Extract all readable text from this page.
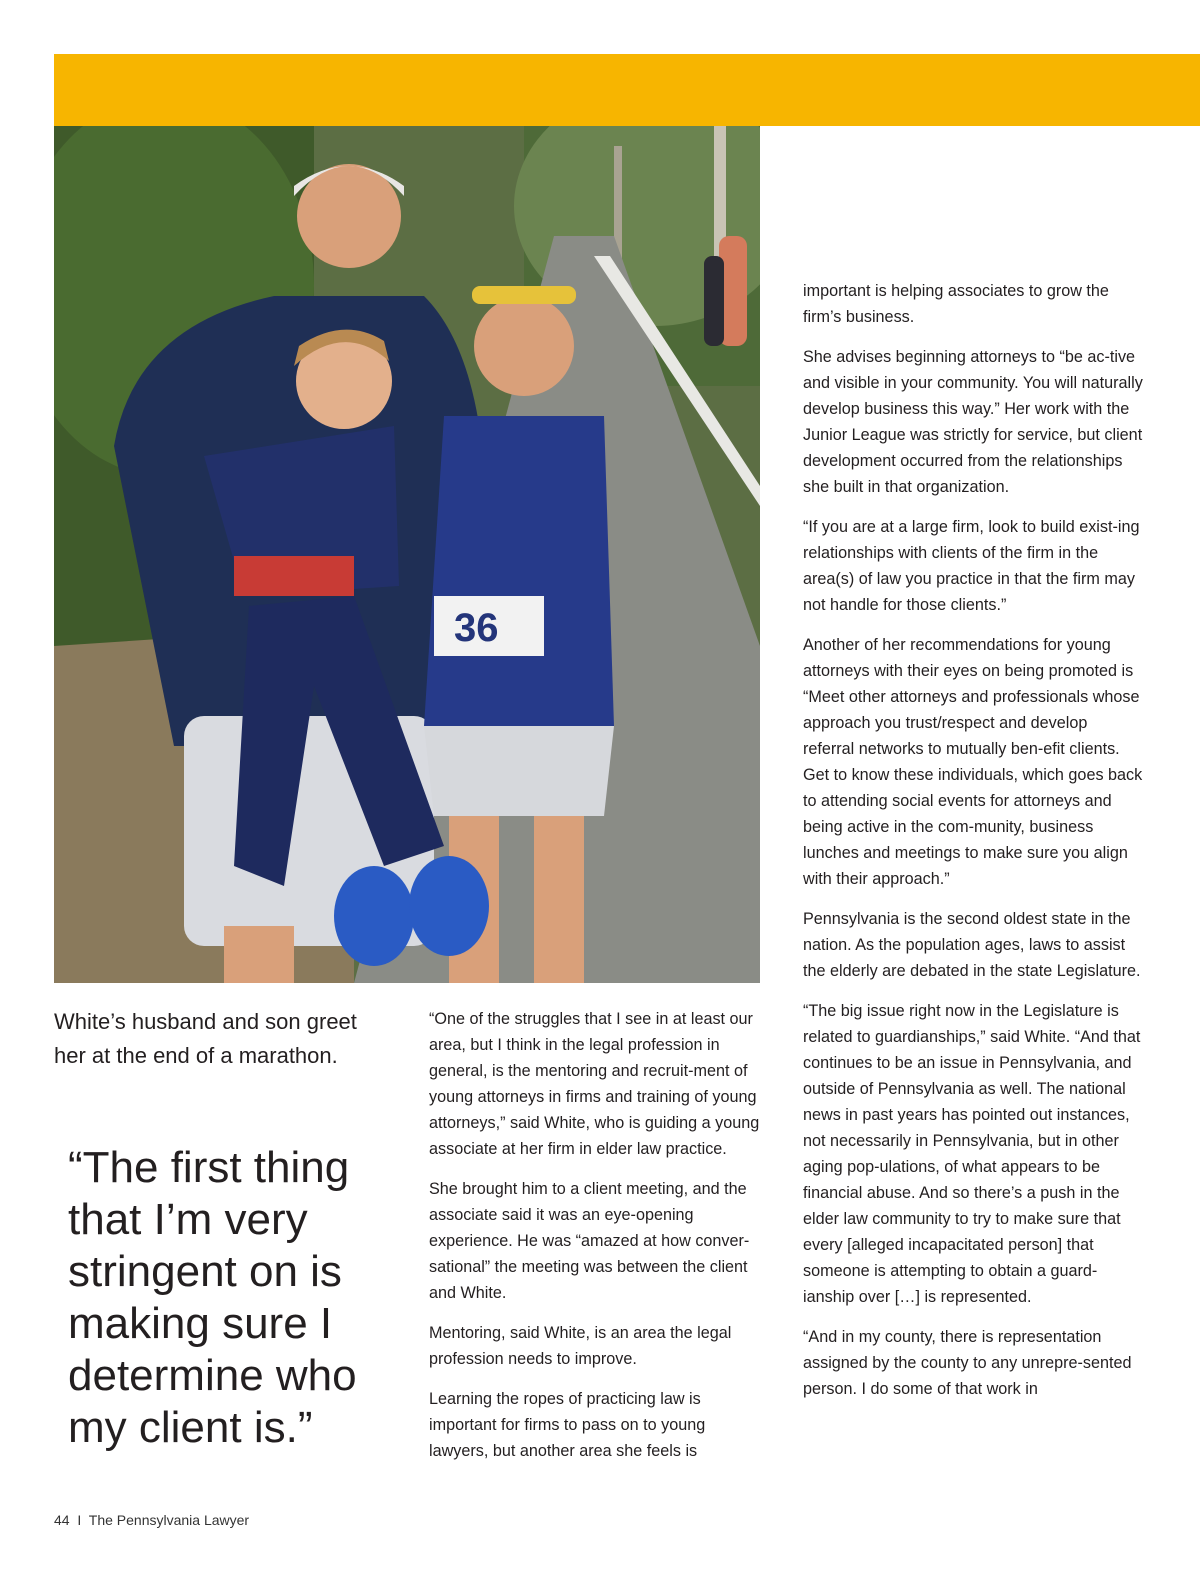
36

White’s husband and son greet her at the end of a marathon.

“The first thing that I’m very stringent on is making sure I determine who my client is.”

“One of the struggles that I see in at least our area, but I think in the legal profession in general, is the mentoring and recruit-ment of young attorneys in firms and training of young attorneys,” said White, who is guiding a young associate at her firm in elder law practice.

She brought him to a client meeting, and the associate said it was an eye-opening experience. He was “amazed at how conver-sational” the meeting was between the client and White.

Mentoring, said White, is an area the legal profession needs to improve.

Learning the ropes of practicing law is important for firms to pass on to young lawyers, but another area she feels is

important is helping associates to grow the firm’s business.

She advises beginning attorneys to “be ac-tive and visible in your community. You will naturally develop business this way.” Her work with the Junior League was strictly for service, but client development occurred from the relationships she built in that organization.

“If you are at a large firm, look to build exist-ing relationships with clients of the firm in the area(s) of law you practice in that the firm may not handle for those clients.”

Another of her recommendations for young attorneys with their eyes on being promoted is “Meet other attorneys and professionals whose approach you trust/respect and develop referral networks to mutually ben-efit clients. Get to know these individuals, which goes back to attending social events for attorneys and being active in the com-munity, business lunches and meetings to make sure you align with their approach.”

Pennsylvania is the second oldest state in the nation. As the population ages, laws to assist the elderly are debated in the state Legislature.

“The big issue right now in the Legislature is related to guardianships,” said White. “And that continues to be an issue in Pennsylvania, and outside of Pennsylvania as well. The national news in past years has pointed out instances, not necessarily in Pennsylvania, but in other aging pop-ulations, of what appears to be financial abuse. And so there’s a push in the elder law community to try to make sure that every [alleged incapacitated person] that someone is attempting to obtain a guard-ianship over […] is represented.

“And in my county, there is representation assigned by the county to any unrepre-sented person. I do some of that work in

44 I The Pennsylvania Lawyer
